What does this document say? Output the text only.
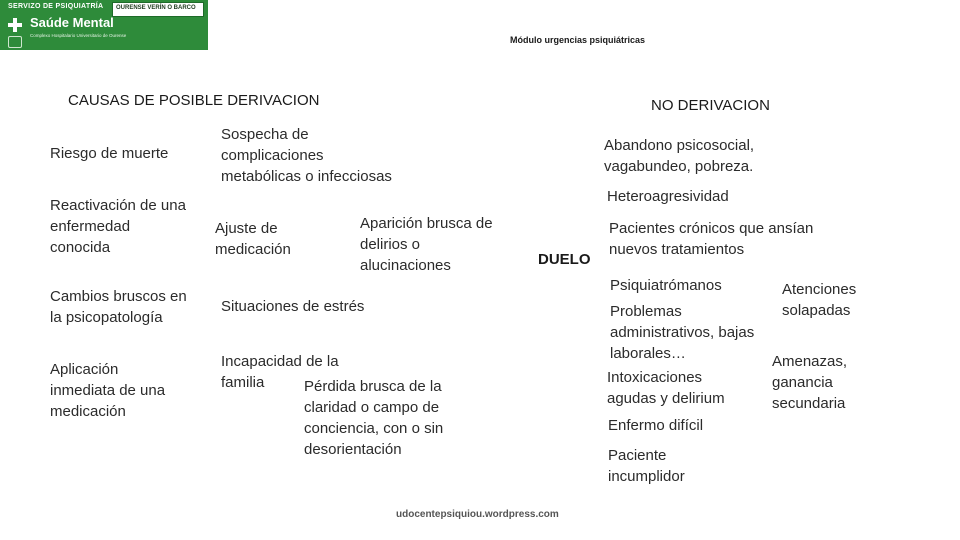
SERVIZO DE PSIQUIATRÍA OURENSE VERÍN O BARCO
Saúde Mental
Complexo Hospitalario Universitario de Ourense	Módulo urgencias psiquiátricas
CAUSAS DE POSIBLE DERIVACION
Riesgo de muerte
Reactivación de una
enfermedad
conocida
Cambios bruscos en
la psicopatología
Aplicación
inmediata de una
medicación
Sospecha de
complicaciones
metabólicas o infecciosas
Ajuste de
medicación
Aparición brusca de
delirios o
alucinaciones
Situaciones de estrés
Incapacidad de la
familia	Pérdida brusca de la
claridad o campo de
conciencia, con o sin
desorientación
DUELO
NO DERIVACION
Abandono psicosocial,
vagabundeo, pobreza.
Heteroagresividad
Pacientes crónicos que ansían
nuevos tratamientos
Psiquiatrómanos
Problemas
administrativos, bajas
laborales…
Intoxicaciones
agudas y delirium
Enfermo difícil
Paciente
incumplidor
Atenciones
solapadas
Amenazas,
ganancia
secundaria
udocentepsiquiou.wordpress.com
